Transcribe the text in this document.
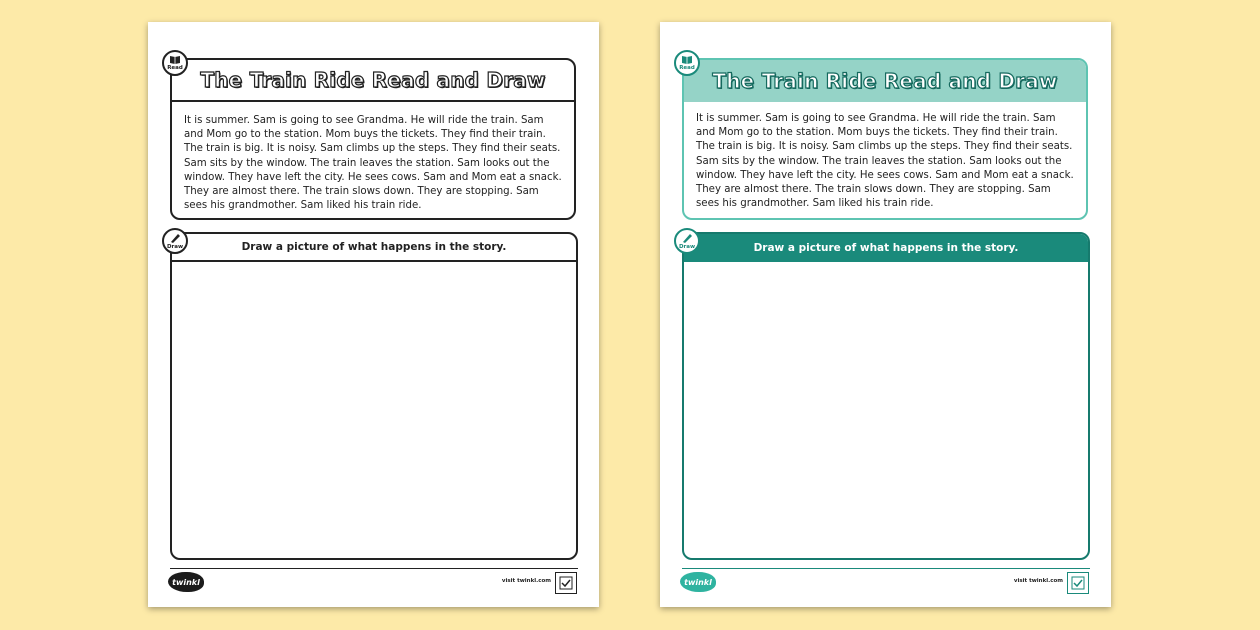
The Train Ride Read and Draw
It is summer. Sam is going to see Grandma. He will ride the train. Sam and Mom go to the station. Mom buys the tickets. They find their train. The train is big. It is noisy. Sam climbs up the steps. They find their seats. Sam sits by the window. The train leaves the station. Sam looks out the window. They have left the city. He sees cows. Sam and Mom eat a snack. They are almost there. The train slows down. They are stopping. Sam sees his grandmother. Sam liked his train ride.
Read
Draw a picture of what happens in the story.
Draw
twinkl	visit twinkl.com
The Train Ride Read and Draw
It is summer. Sam is going to see Grandma. He will ride the train. Sam and Mom go to the station. Mom buys the tickets. They find their train. The train is big. It is noisy. Sam climbs up the steps. They find their seats. Sam sits by the window. The train leaves the station. Sam looks out the window. They have left the city. He sees cows. Sam and Mom eat a snack. They are almost there. The train slows down. They are stopping. Sam sees his grandmother. Sam liked his train ride.
Read
Draw a picture of what happens in the story.
Draw
twinkl	visit twinkl.com
